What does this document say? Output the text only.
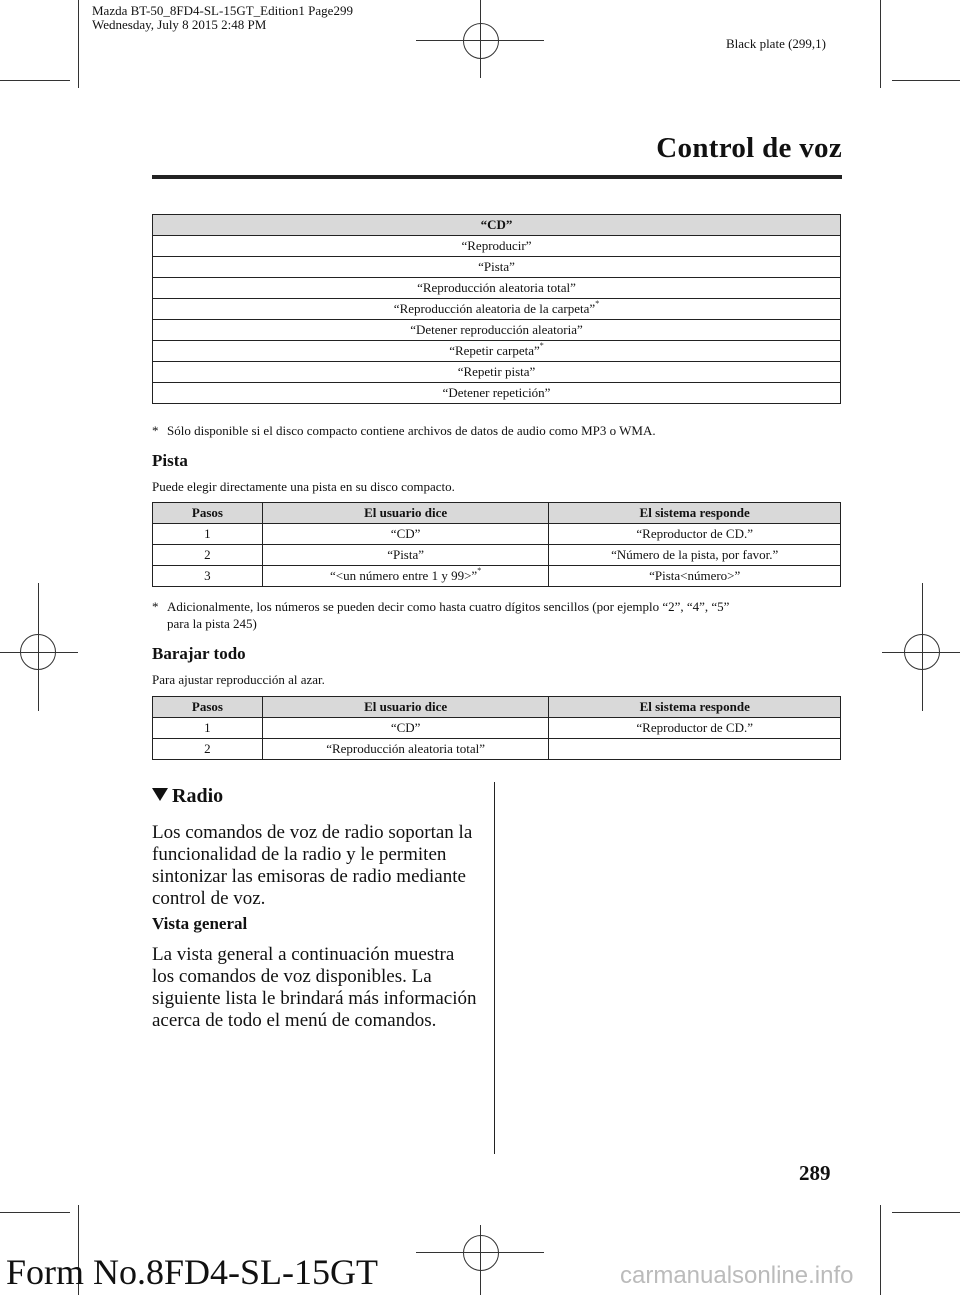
Mazda BT-50_8FD4-SL-15GT_Edition1 Page299
Wednesday, July 8 2015 2:48 PM
Black plate (299,1)
Control de voz
“CD”
“Reproducir”
“Pista”
“Reproducción aleatoria total”
“Reproducción aleatoria de la carpeta”*
“Detener reproducción aleatoria”
“Repetir carpeta”*
“Repetir pista”
“Detener repetición”
* Sólo disponible si el disco compacto contiene archivos de datos de audio como MP3 o WMA.
Pista
Puede elegir directamente una pista en su disco compacto.
Pasos	El usuario dice	El sistema responde
1	“CD”	“Reproductor de CD.”
2	“Pista”	“Número de la pista, por favor.”
3	“<un número entre 1 y 99>”*	“Pista<número>”
* Adicionalmente, los números se pueden decir como hasta cuatro dígitos sencillos (por ejemplo “2”, “4”, “5”
para la pista 245)
Barajar todo
Para ajustar reproducción al azar.
Pasos	El usuario dice	El sistema responde
1	“CD”	“Reproductor de CD.”
2	“Reproducción aleatoria total”	
Radio
Los comandos de voz de radio soportan la
funcionalidad de la radio y le permiten
sintonizar las emisoras de radio mediante
control de voz.
Vista general
La vista general a continuación muestra
los comandos de voz disponibles. La
siguiente lista le brindará más información
acerca de todo el menú de comandos.
289
Form No.8FD4-SL-15GT	carmanualsonline.info
